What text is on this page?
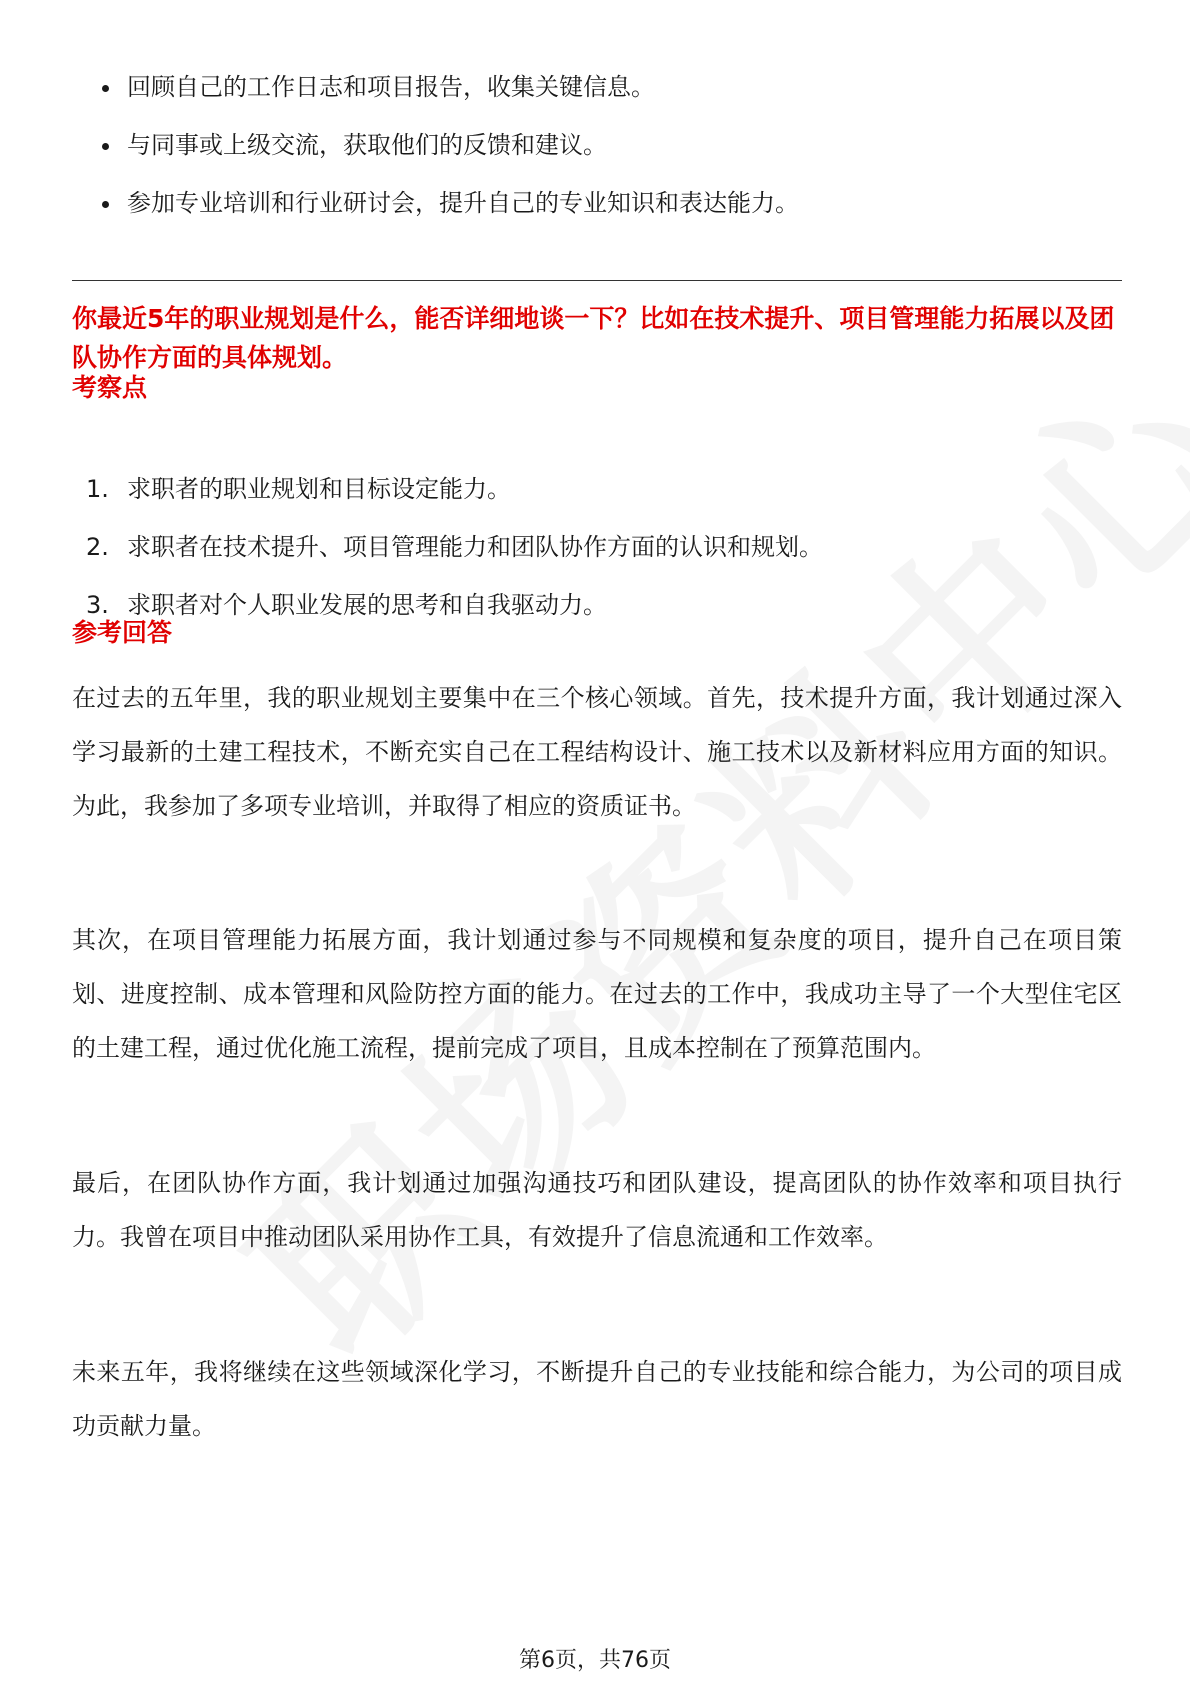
回顾自己的工作日志和项目报告，收集关键信息。
与同事或上级交流，获取他们的反馈和建议。
参加专业培训和行业研讨会，提升自己的专业知识和表达能力。
你最近5年的职业规划是什么，能否详细地谈一下？比如在技术提升、项目管理能力拓展以及团队协作方面的具体规划。
考察点
1. 求职者的职业规划和目标设定能力。
2. 求职者在技术提升、项目管理能力和团队协作方面的认识和规划。
3. 求职者对个人职业发展的思考和自我驱动力。
参考回答

在过去的五年里，我的职业规划主要集中在三个核心领域。首先，技术提升方面，我计划通过深入学习最新的土建工程技术，不断充实自己在工程结构设计、施工技术以及新材料应用方面的知识。为此，我参加了多项专业培训，并取得了相应的资质证书。

其次，在项目管理能力拓展方面，我计划通过参与不同规模和复杂度的项目，提升自己在项目策划、进度控制、成本管理和风险防控方面的能力。在过去的工作中，我成功主导了一个大型住宅区的土建工程，通过优化施工流程，提前完成了项目，且成本控制在了预算范围内。

最后，在团队协作方面，我计划通过加强沟通技巧和团队建设，提高团队的协作效率和项目执行力。我曾在项目中推动团队采用协作工具，有效提升了信息流通和工作效率。

未来五年，我将继续在这些领域深化学习，不断提升自己的专业技能和综合能力，为公司的项目成功贡献力量。

第6页，共76页
